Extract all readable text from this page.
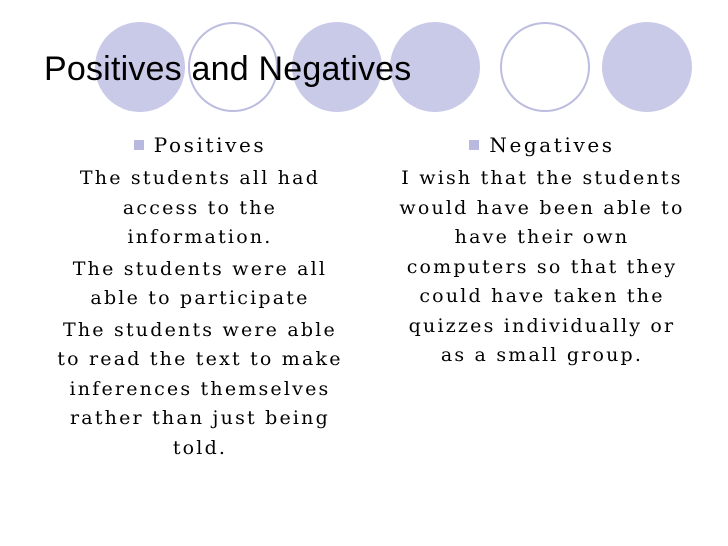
Positives and Negatives
Positives

The students all had access to the information.

The students were all able to participate

The students were able to read the text to make inferences themselves rather than just being told.

Negatives

I wish that the students would have been able to have their own computers so that they could have taken the quizzes individually or as a small group.
